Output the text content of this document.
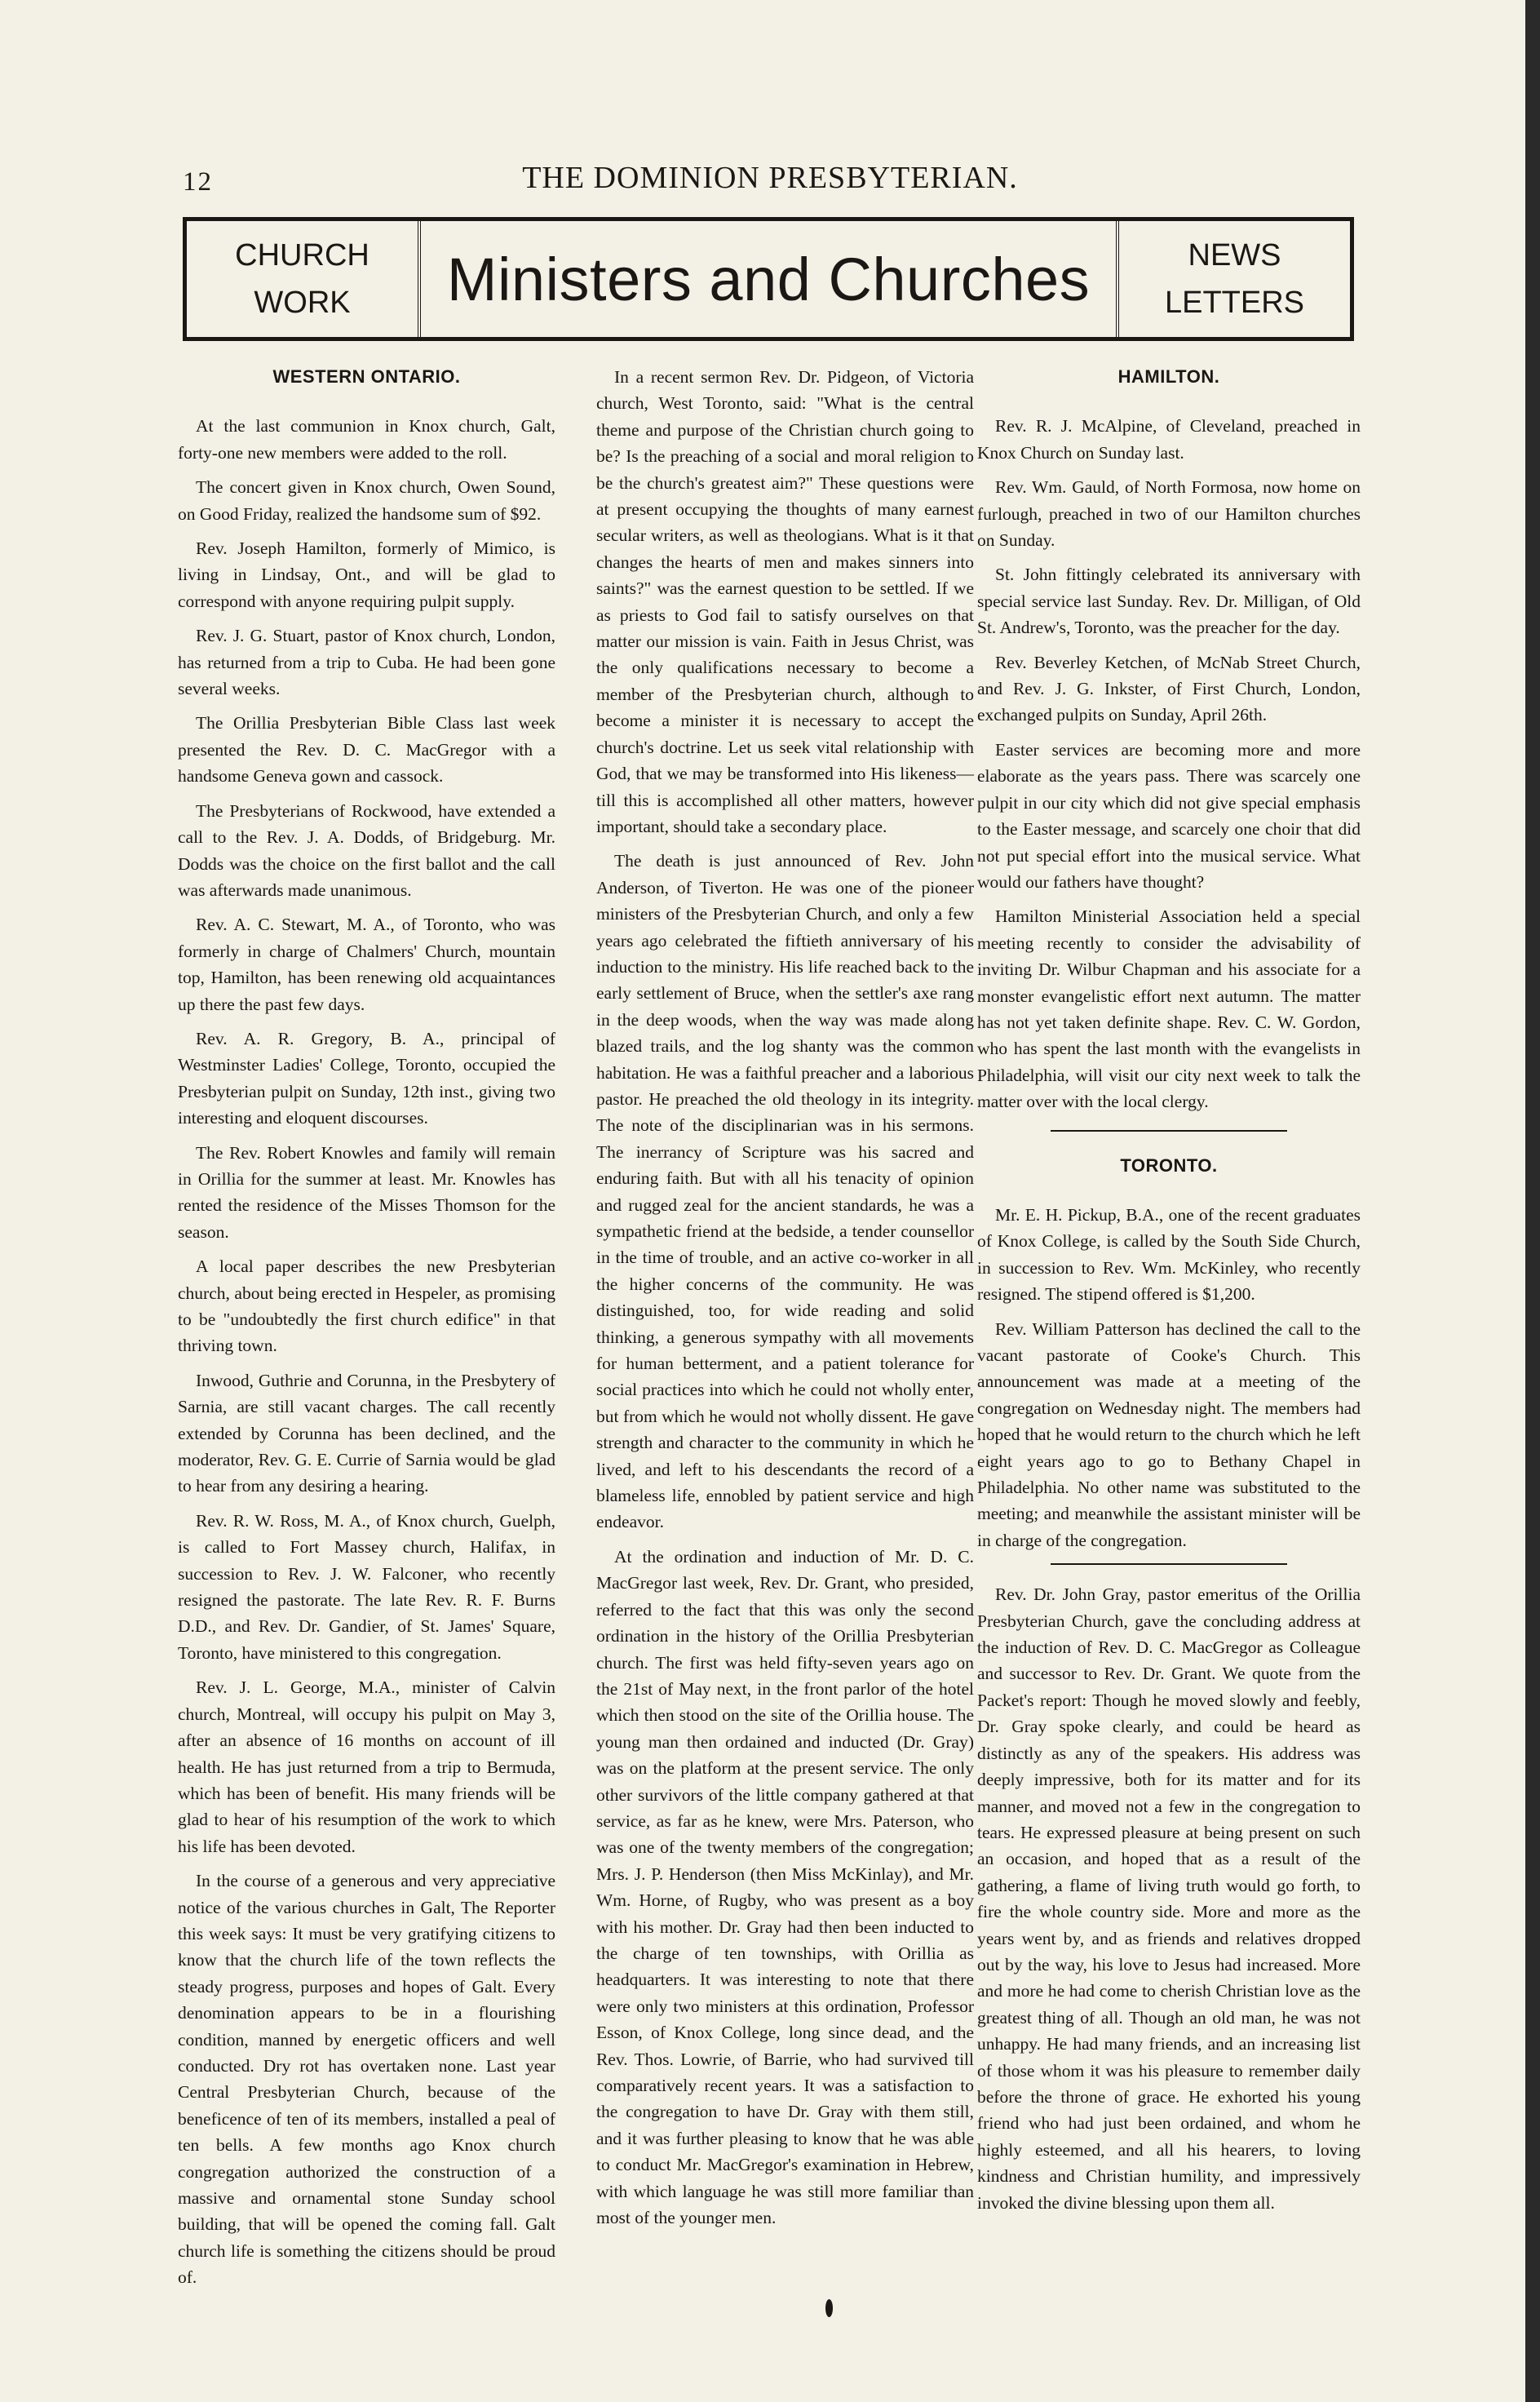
12	THE DOMINION PRESBYTERIAN.
CHURCH
WORK	Ministers and Churches	NEWS
LETTERS
WESTERN ONTARIO.

At the last communion in Knox church, Galt, forty-one new members were added to the roll.

The concert given in Knox church, Owen Sound, on Good Friday, realized the handsome sum of $92.

Rev. Joseph Hamilton, formerly of Mimico, is living in Lindsay, Ont., and will be glad to correspond with anyone requiring pulpit supply.

Rev. J. G. Stuart, pastor of Knox church, London, has returned from a trip to Cuba. He had been gone several weeks.

The Orillia Presbyterian Bible Class last week presented the Rev. D. C. MacGregor with a handsome Geneva gown and cassock.

The Presbyterians of Rockwood, have extended a call to the Rev. J. A. Dodds, of Bridgeburg. Mr. Dodds was the choice on the first ballot and the call was afterwards made unanimous.

Rev. A. C. Stewart, M. A., of Toronto, who was formerly in charge of Chalmers' Church, mountain top, Hamilton, has been renewing old acquaintances up there the past few days.

Rev. A. R. Gregory, B. A., principal of Westminster Ladies' College, Toronto, occupied the Presbyterian pulpit on Sunday, 12th inst., giving two interesting and eloquent discourses.

The Rev. Robert Knowles and family will remain in Orillia for the summer at least. Mr. Knowles has rented the residence of the Misses Thomson for the season.

A local paper describes the new Presbyterian church, about being erected in Hespeler, as promising to be "undoubtedly the first church edifice" in that thriving town.

Inwood, Guthrie and Corunna, in the Presbytery of Sarnia, are still vacant charges. The call recently extended by Corunna has been declined, and the moderator, Rev. G. E. Currie of Sarnia would be glad to hear from any desiring a hearing.

Rev. R. W. Ross, M. A., of Knox church, Guelph, is called to Fort Massey church, Halifax, in succession to Rev. J. W. Falconer, who recently resigned the pastorate. The late Rev. R. F. Burns D.D., and Rev. Dr. Gandier, of St. James' Square, Toronto, have ministered to this congregation.

Rev. J. L. George, M.A., minister of Calvin church, Montreal, will occupy his pulpit on May 3, after an absence of 16 months on account of ill health. He has just returned from a trip to Bermuda, which has been of benefit. His many friends will be glad to hear of his resumption of the work to which his life has been devoted.

In the course of a generous and very appreciative notice of the various churches in Galt, The Reporter this week says: It must be very gratifying citizens to know that the church life of the town reflects the steady progress, purposes and hopes of Galt. Every denomination appears to be in a flourishing condition, manned by energetic officers and well conducted. Dry rot has overtaken none. Last year Central Presbyterian Church, because of the beneficence of ten of its members, installed a peal of ten bells. A few months ago Knox church congregation authorized the construction of a massive and ornamental stone Sunday school building, that will be opened the coming fall. Galt church life is something the citizens should be proud of.

In a recent sermon Rev. Dr. Pidgeon, of Victoria church, West Toronto, said: "What is the central theme and purpose of the Christian church going to be? Is the preaching of a social and moral religion to be the church's greatest aim?" These questions were at present occupying the thoughts of many earnest secular writers, as well as theologians. What is it that changes the hearts of men and makes sinners into saints?" was the earnest question to be settled. If we as priests to God fail to satisfy ourselves on that matter our mission is vain. Faith in Jesus Christ, was the only qualifications necessary to become a member of the Presbyterian church, although to become a minister it is necessary to accept the church's doctrine. Let us seek vital relationship with God, that we may be transformed into His likeness—till this is accomplished all other matters, however important, should take a secondary place.

The death is just announced of Rev. John Anderson, of Tiverton. He was one of the pioneer ministers of the Presbyterian Church, and only a few years ago celebrated the fiftieth anniversary of his induction to the ministry. His life reached back to the early settlement of Bruce, when the settler's axe rang in the deep woods, when the way was made along blazed trails, and the log shanty was the common habitation. He was a faithful preacher and a laborious pastor. He preached the old theology in its integrity. The note of the disciplinarian was in his sermons. The inerrancy of Scripture was his sacred and enduring faith. But with all his tenacity of opinion and rugged zeal for the ancient standards, he was a sympathetic friend at the bedside, a tender counsellor in the time of trouble, and an active co-worker in all the higher concerns of the community. He was distinguished, too, for wide reading and solid thinking, a generous sympathy with all movements for human betterment, and a patient tolerance for social practices into which he could not wholly enter, but from which he would not wholly dissent. He gave strength and character to the community in which he lived, and left to his descendants the record of a blameless life, ennobled by patient service and high endeavor.

At the ordination and induction of Mr. D. C. MacGregor last week, Rev. Dr. Grant, who presided, referred to the fact that this was only the second ordination in the history of the Orillia Presbyterian church. The first was held fifty-seven years ago on the 21st of May next, in the front parlor of the hotel which then stood on the site of the Orillia house. The young man then ordained and inducted (Dr. Gray) was on the platform at the present service. The only other survivors of the little company gathered at that service, as far as he knew, were Mrs. Paterson, who was one of the twenty members of the congregation; Mrs. J. P. Henderson (then Miss McKinlay), and Mr. Wm. Horne, of Rugby, who was present as a boy with his mother. Dr. Gray had then been inducted to the charge of ten townships, with Orillia as headquarters. It was interesting to note that there were only two ministers at this ordination, Professor Esson, of Knox College, long since dead, and the Rev. Thos. Lowrie, of Barrie, who had survived till comparatively recent years. It was a satisfaction to the congregation to have Dr. Gray with them still, and it was further pleasing to know that he was able to conduct Mr. MacGregor's examination in Hebrew, with which language he was still more familiar than most of the younger men.

HAMILTON.

Rev. R. J. McAlpine, of Cleveland, preached in Knox Church on Sunday last.

Rev. Wm. Gauld, of North Formosa, now home on furlough, preached in two of our Hamilton churches on Sunday.

St. John fittingly celebrated its anniversary with special service last Sunday. Rev. Dr. Milligan, of Old St. Andrew's, Toronto, was the preacher for the day.

Rev. Beverley Ketchen, of McNab Street Church, and Rev. J. G. Inkster, of First Church, London, exchanged pulpits on Sunday, April 26th.

Easter services are becoming more and more elaborate as the years pass. There was scarcely one pulpit in our city which did not give special emphasis to the Easter message, and scarcely one choir that did not put special effort into the musical service. What would our fathers have thought?

Hamilton Ministerial Association held a special meeting recently to consider the advisability of inviting Dr. Wilbur Chapman and his associate for a monster evangelistic effort next autumn. The matter has not yet taken definite shape. Rev. C. W. Gordon, who has spent the last month with the evangelists in Philadelphia, will visit our city next week to talk the matter over with the local clergy.

TORONTO.

Mr. E. H. Pickup, B.A., one of the recent graduates of Knox College, is called by the South Side Church, in succession to Rev. Wm. McKinley, who recently resigned. The stipend offered is $1,200.

Rev. William Patterson has declined the call to the vacant pastorate of Cooke's Church. This announcement was made at a meeting of the congregation on Wednesday night. The members had hoped that he would return to the church which he left eight years ago to go to Bethany Chapel in Philadelphia. No other name was substituted to the meeting; and meanwhile the assistant minister will be in charge of the congregation.

Rev. Dr. John Gray, pastor emeritus of the Orillia Presbyterian Church, gave the concluding address at the induction of Rev. D. C. MacGregor as Colleague and successor to Rev. Dr. Grant. We quote from the Packet's report: Though he moved slowly and feebly, Dr. Gray spoke clearly, and could be heard as distinctly as any of the speakers. His address was deeply impressive, both for its matter and for its manner, and moved not a few in the congregation to tears. He expressed pleasure at being present on such an occasion, and hoped that as a result of the gathering, a flame of living truth would go forth, to fire the whole country side. More and more as the years went by, and as friends and relatives dropped out by the way, his love to Jesus had increased. More and more he had come to cherish Christian love as the greatest thing of all. Though an old man, he was not unhappy. He had many friends, and an increasing list of those whom it was his pleasure to remember daily before the throne of grace. He exhorted his young friend who had just been ordained, and whom he highly esteemed, and all his hearers, to loving kindness and Christian humility, and impressively invoked the divine blessing upon them all.
